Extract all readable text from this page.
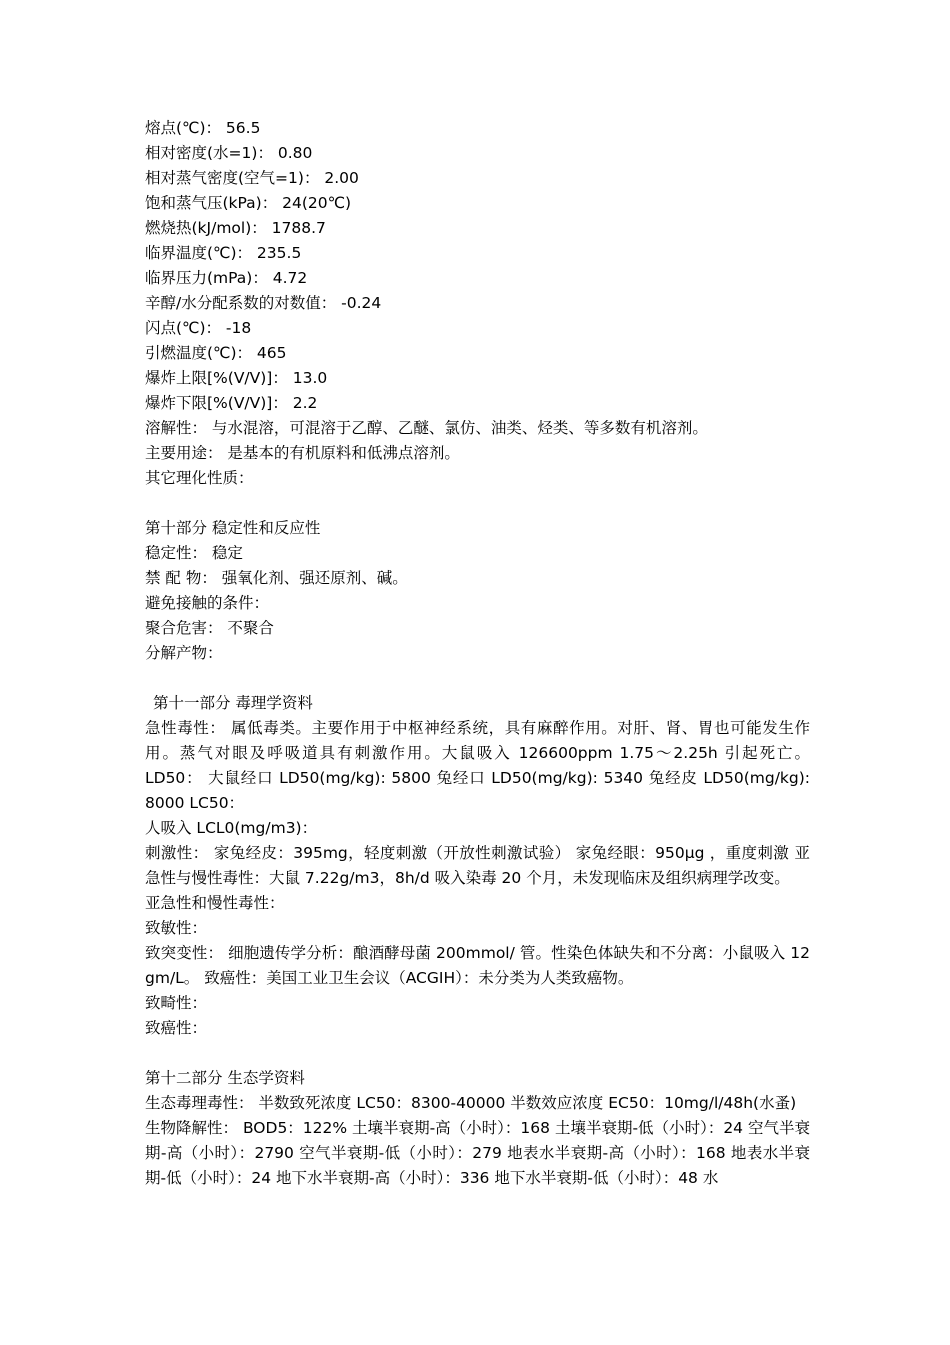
熔点(℃)： 56.5
相对密度(水=1)： 0.80
相对蒸气密度(空气=1)： 2.00
饱和蒸气压(kPa)： 24(20℃)
燃烧热(kJ/mol)： 1788.7
临界温度(℃)： 235.5
临界压力(mPa)： 4.72
辛醇/水分配系数的对数值： -0.24
闪点(℃)： -18
引燃温度(℃)： 465
爆炸上限[%(V/V)]： 13.0
爆炸下限[%(V/V)]： 2.2
溶解性： 与水混溶，可混溶于乙醇、乙醚、氯仿、油类、烃类、等多数有机溶剂。
主要用途： 是基本的有机原料和低沸点溶剂。
其它理化性质：
第十部分 稳定性和反应性
稳定性： 稳定
禁 配 物： 强氧化剂、强还原剂、碱。
避免接触的条件：
聚合危害： 不聚合
分解产物：
第十一部分 毒理学资料
急性毒性： 属低毒类。主要作用于中枢神经系统，具有麻醉作用。对肝、肾、胃也可能发生作用。蒸气对眼及呼吸道具有刺激作用。大鼠吸入 126600ppm 1.75～2.25h 引起死亡。 LD50： 大鼠经口 LD50(mg/kg): 5800 兔经口 LD50(mg/kg): 5340 兔经皮 LD50(mg/kg): 8000 LC50：
人吸入 LCL0(mg/m3)：
刺激性： 家兔经皮：395mg，轻度刺激（开放性刺激试验） 家兔经眼：950μg ，重度刺激 亚急性与慢性毒性：大鼠 7.22g/m3，8h/d 吸入染毒 20 个月，未发现临床及组织病理学改变。
亚急性和慢性毒性：
致敏性：
致突变性： 细胞遗传学分析：酿酒酵母菌 200mmol/ 管。性染色体缺失和不分离：小鼠吸入 12 gm/L。 致癌性：美国工业卫生会议（ACGIH）：未分类为人类致癌物。
致畸性：
致癌性：
第十二部分 生态学资料
生态毒理毒性： 半数致死浓度 LC50：8300-40000 半数效应浓度 EC50：10mg/l/48h(水蚤)
生物降解性： BOD5：122% 土壤半衰期-高（小时）：168 土壤半衰期-低（小时）：24 空气半衰期-高（小时）：2790 空气半衰期-低（小时）：279 地表水半衰期-高（小时）：168 地表水半衰期-低（小时）：24 地下水半衰期-高（小时）：336 地下水半衰期-低（小时）：48 水
